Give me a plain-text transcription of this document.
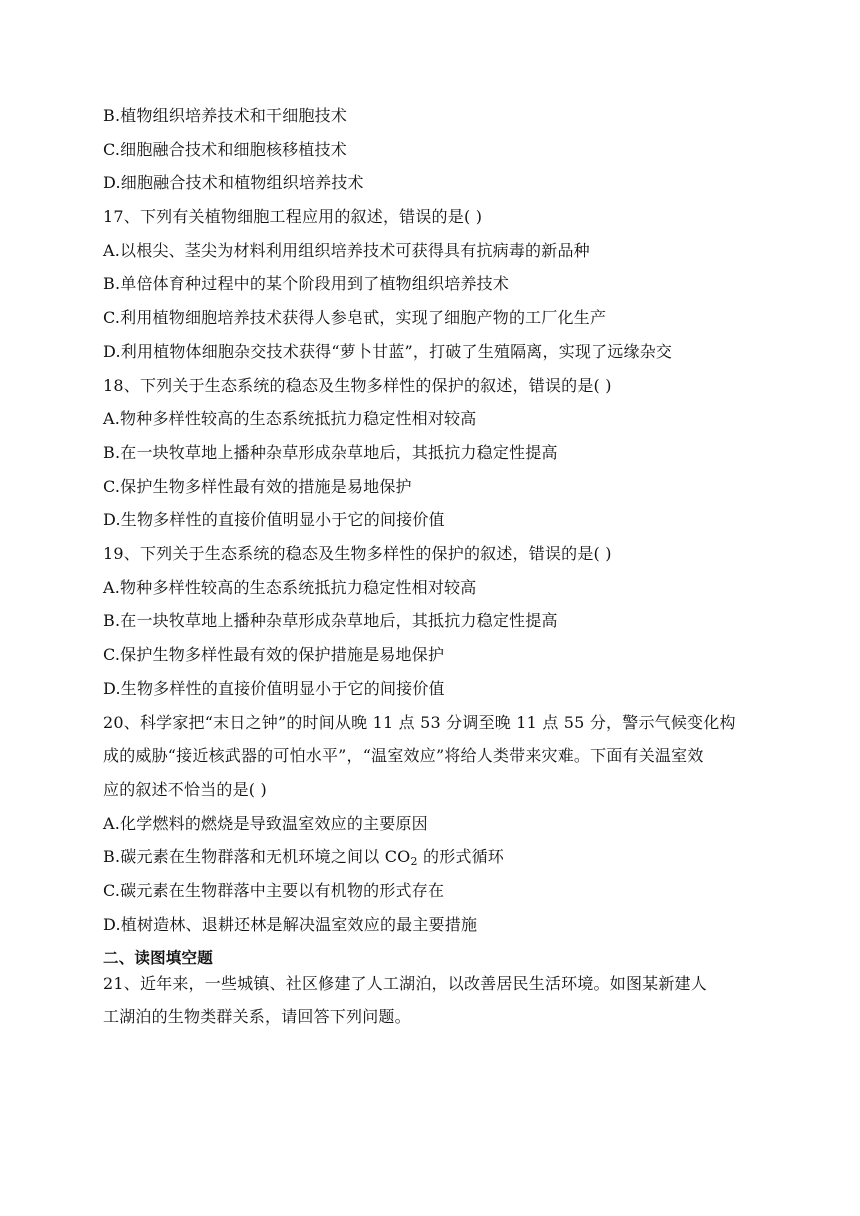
B.植物组织培养技术和干细胞技术
C.细胞融合技术和细胞核移植技术
D.细胞融合技术和植物组织培养技术
17、下列有关植物细胞工程应用的叙述，错误的是( )
A.以根尖、茎尖为材料利用组织培养技术可获得具有抗病毒的新品种
B.单倍体育种过程中的某个阶段用到了植物组织培养技术
C.利用植物细胞培养技术获得人参皂甙，实现了细胞产物的工厂化生产
D.利用植物体细胞杂交技术获得“萝卜甘蓝”，打破了生殖隔离，实现了远缘杂交
18、下列关于生态系统的稳态及生物多样性的保护的叙述，错误的是( )
A.物种多样性较高的生态系统抵抗力稳定性相对较高
B.在一块牧草地上播种杂草形成杂草地后，其抵抗力稳定性提高
C.保护生物多样性最有效的措施是易地保护
D.生物多样性的直接价值明显小于它的间接价值
19、下列关于生态系统的稳态及生物多样性的保护的叙述，错误的是( )
A.物种多样性较高的生态系统抵抗力稳定性相对较高
B.在一块牧草地上播种杂草形成杂草地后，其抵抗力稳定性提高
C.保护生物多样性最有效的保护措施是易地保护
D.生物多样性的直接价值明显小于它的间接价值
20、科学家把“末日之钟”的时间从晚 11 点 53 分调至晚 11 点 55 分，警示气候变化构
成的威胁“接近核武器的可怕水平”，“温室效应”将给人类带来灾难。下面有关温室效
应的叙述不恰当的是( )
A.化学燃料的燃烧是导致温室效应的主要原因
B.碳元素在生物群落和无机环境之间以 $CO_2$ 的形式循环
C.碳元素在生物群落中主要以有机物的形式存在
D.植树造林、退耕还林是解决温室效应的最主要措施
二、读图填空题
21、近年来，一些城镇、社区修建了人工湖泊，以改善居民生活环境。如图某新建人
工湖泊的生物类群关系，请回答下列问题。
